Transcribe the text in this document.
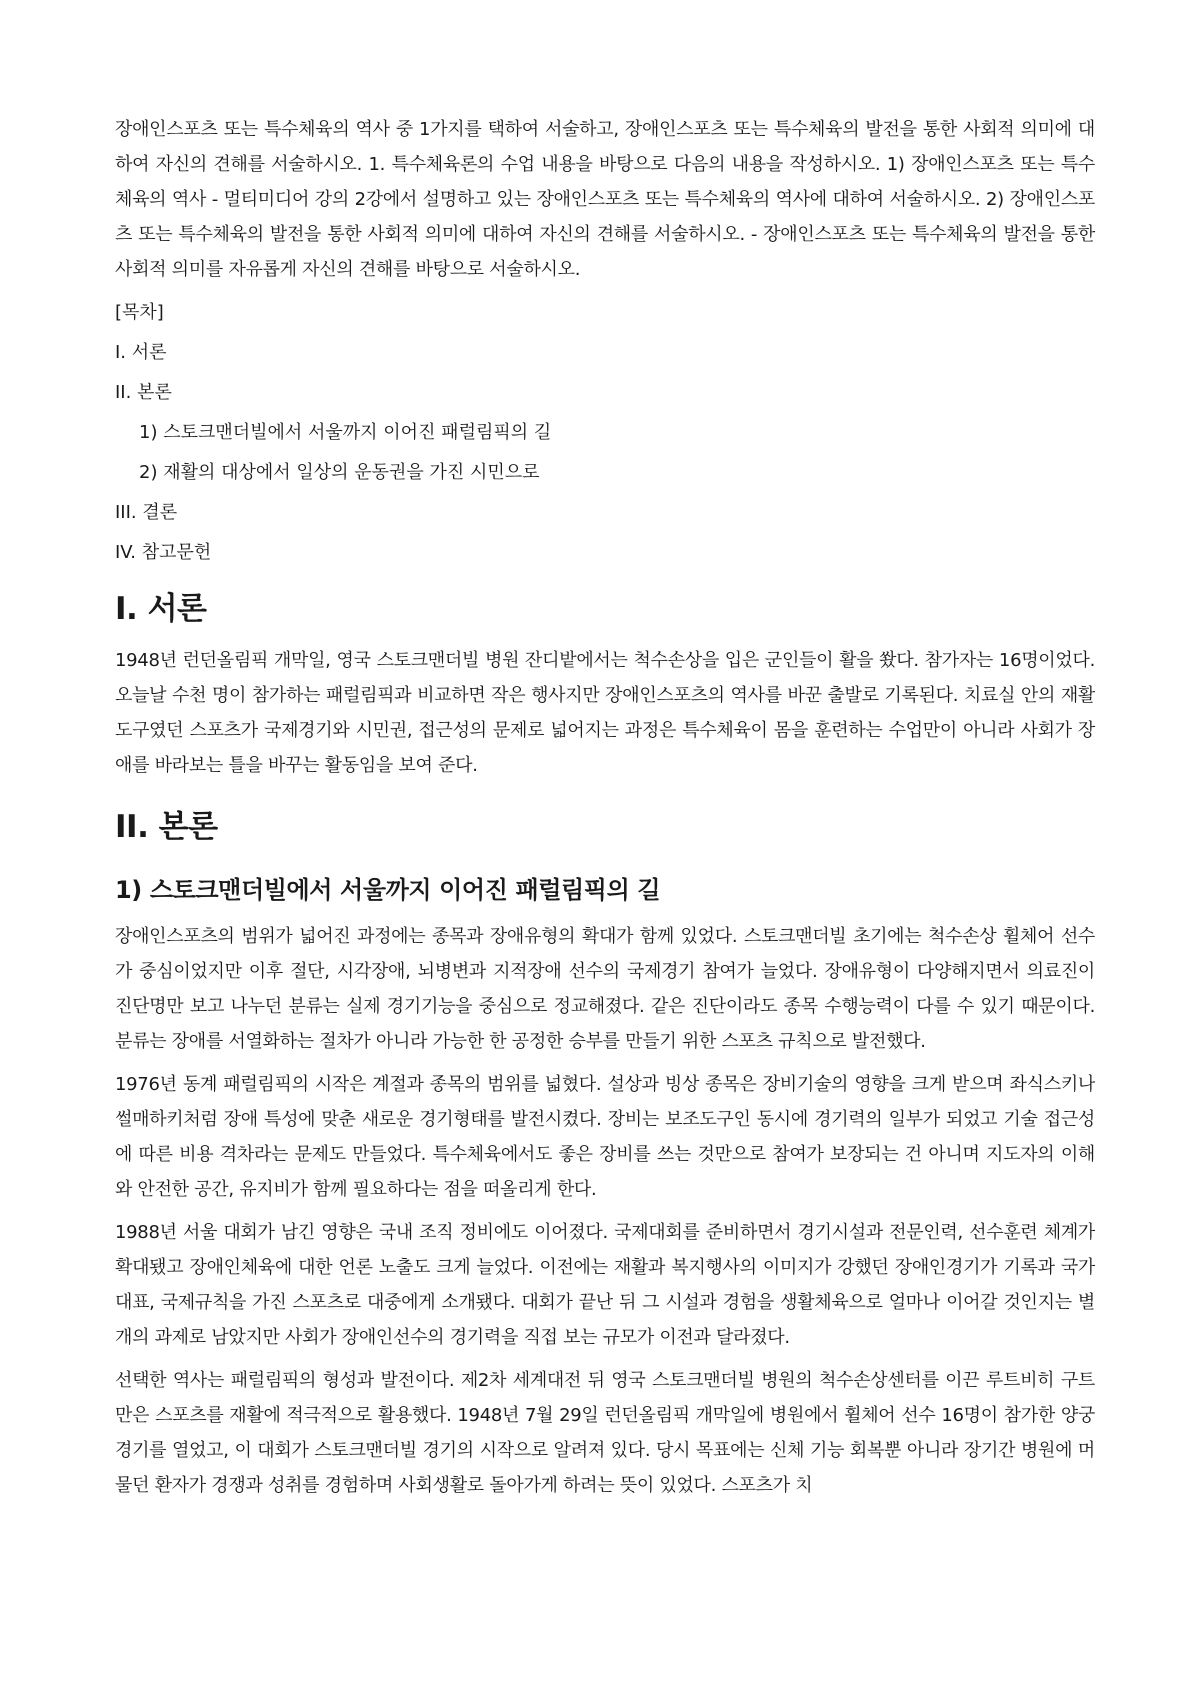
장애인스포츠 또는 특수체육의 역사 중 1가지를 택하여 서술하고, 장애인스포츠 또는 특수체육의 발전을 통한 사회적 의미에 대하여 자신의 견해를 서술하시오. 1. 특수체육론의 수업 내용을 바탕으로 다음의 내용을 작성하시오. 1) 장애인스포츠 또는 특수체육의 역사 - 멀티미디어 강의 2강에서 설명하고 있는 장애인스포츠 또는 특수체육의 역사에 대하여 서술하시오. 2) 장애인스포츠 또는 특수체육의 발전을 통한 사회적 의미에 대하여 자신의 견해를 서술하시오. - 장애인스포츠 또는 특수체육의 발전을 통한 사회적 의미를 자유롭게 자신의 견해를 바탕으로 서술하시오.

[목차]
I. 서론
II. 본론
1) 스토크맨더빌에서 서울까지 이어진 패럴림픽의 길
2) 재활의 대상에서 일상의 운동권을 가진 시민으로
III. 결론
IV. 참고문헌
I. 서론

1948년 런던올림픽 개막일, 영국 스토크맨더빌 병원 잔디밭에서는 척수손상을 입은 군인들이 활을 쐈다. 참가자는 16명이었다. 오늘날 수천 명이 참가하는 패럴림픽과 비교하면 작은 행사지만 장애인스포츠의 역사를 바꾼 출발로 기록된다. 치료실 안의 재활 도구였던 스포츠가 국제경기와 시민권, 접근성의 문제로 넓어지는 과정은 특수체육이 몸을 훈련하는 수업만이 아니라 사회가 장애를 바라보는 틀을 바꾸는 활동임을 보여 준다.

II. 본론
1) 스토크맨더빌에서 서울까지 이어진 패럴림픽의 길

장애인스포츠의 범위가 넓어진 과정에는 종목과 장애유형의 확대가 함께 있었다. 스토크맨더빌 초기에는 척수손상 휠체어 선수가 중심이었지만 이후 절단, 시각장애, 뇌병변과 지적장애 선수의 국제경기 참여가 늘었다. 장애유형이 다양해지면서 의료진이 진단명만 보고 나누던 분류는 실제 경기기능을 중심으로 정교해졌다. 같은 진단이라도 종목 수행능력이 다를 수 있기 때문이다. 분류는 장애를 서열화하는 절차가 아니라 가능한 한 공정한 승부를 만들기 위한 스포츠 규칙으로 발전했다.

1976년 동계 패럴림픽의 시작은 계절과 종목의 범위를 넓혔다. 설상과 빙상 종목은 장비기술의 영향을 크게 받으며 좌식스키나 썰매하키처럼 장애 특성에 맞춘 새로운 경기형태를 발전시켰다. 장비는 보조도구인 동시에 경기력의 일부가 되었고 기술 접근성에 따른 비용 격차라는 문제도 만들었다. 특수체육에서도 좋은 장비를 쓰는 것만으로 참여가 보장되는 건 아니며 지도자의 이해와 안전한 공간, 유지비가 함께 필요하다는 점을 떠올리게 한다.

1988년 서울 대회가 남긴 영향은 국내 조직 정비에도 이어졌다. 국제대회를 준비하면서 경기시설과 전문인력, 선수훈련 체계가 확대됐고 장애인체육에 대한 언론 노출도 크게 늘었다. 이전에는 재활과 복지행사의 이미지가 강했던 장애인경기가 기록과 국가대표, 국제규칙을 가진 스포츠로 대중에게 소개됐다. 대회가 끝난 뒤 그 시설과 경험을 생활체육으로 얼마나 이어갈 것인지는 별개의 과제로 남았지만 사회가 장애인선수의 경기력을 직접 보는 규모가 이전과 달라졌다.

선택한 역사는 패럴림픽의 형성과 발전이다. 제2차 세계대전 뒤 영국 스토크맨더빌 병원의 척수손상센터를 이끈 루트비히 구트만은 스포츠를 재활에 적극적으로 활용했다. 1948년 7월 29일 런던올림픽 개막일에 병원에서 휠체어 선수 16명이 참가한 양궁 경기를 열었고, 이 대회가 스토크맨더빌 경기의 시작으로 알려져 있다. 당시 목표에는 신체 기능 회복뿐 아니라 장기간 병원에 머물던 환자가 경쟁과 성취를 경험하며 사회생활로 돌아가게 하려는 뜻이 있었다. 스포츠가 치
